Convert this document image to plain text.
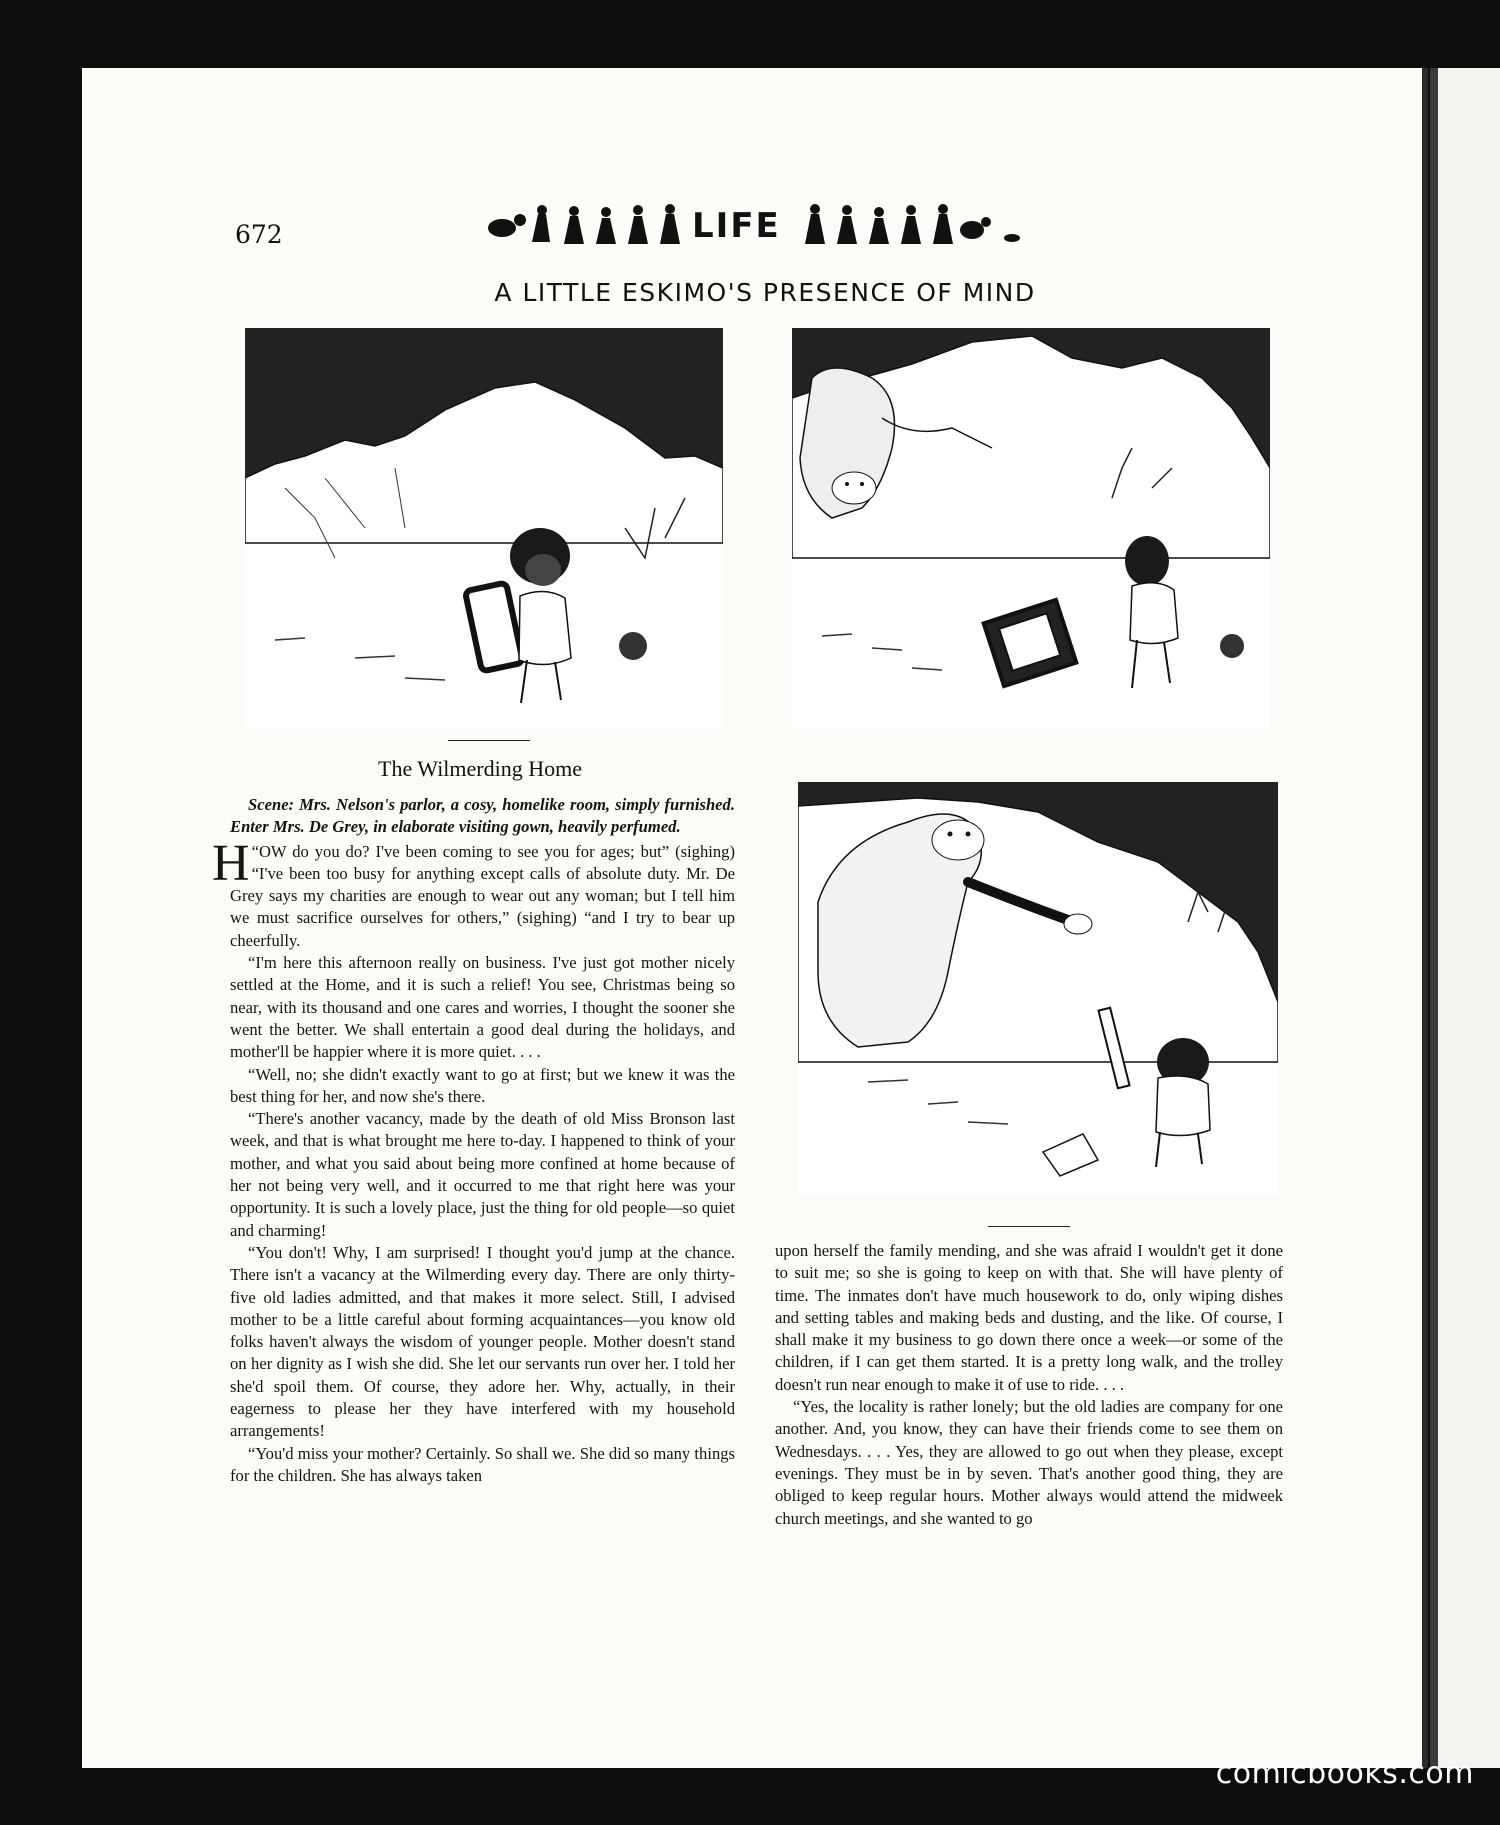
672	LIFE
A LITTLE ESKIMO'S PRESENCE OF MIND
The Wilmerding Home

Scene: Mrs. Nelson's parlor, a cosy, homelike room, simply furnished. Enter Mrs. De Grey, in elaborate visiting gown, heavily perfumed.

“
H OW do you do? I've been coming to see you for ages; but” (sighing) “I've been too busy for anything except calls of absolute duty. Mr. De Grey says my charities are enough to wear out any woman; but I tell him we must sacrifice ourselves for others,” (sighing) “and I try to bear up cheerfully.

“I'm here this afternoon really on business. I've just got mother nicely settled at the Home, and it is such a relief! You see, Christmas being so near, with its thousand and one cares and worries, I thought the sooner she went the better. We shall entertain a good deal during the holidays, and mother'll be happier where it is more quiet. . . .

“Well, no; she didn't exactly want to go at first; but we knew it was the best thing for her, and now she's there.

“There's another vacancy, made by the death of old Miss Bronson last week, and that is what brought me here to-day. I happened to think of your mother, and what you said about being more confined at home because of her not being very well, and it occurred to me that right here was your opportunity. It is such a lovely place, just the thing for old people—so quiet and charming!

“You don't! Why, I am surprised! I thought you'd jump at the chance. There isn't a vacancy at the Wilmerding every day. There are only thirty-five old ladies admitted, and that makes it more select. Still, I advised mother to be a little careful about forming acquaintances—you know old folks haven't always the wisdom of younger people. Mother doesn't stand on her dignity as I wish she did. She let our servants run over her. I told her she'd spoil them. Of course, they adore her. Why, actually, in their eagerness to please her they have interfered with my household arrangements!

“You'd miss your mother? Certainly. So shall we. She did so many things for the children. She has always taken

upon herself the family mending, and she was afraid I wouldn't get it done to suit me; so she is going to keep on with that. She will have plenty of time. The inmates don't have much housework to do, only wiping dishes and setting tables and making beds and dusting, and the like. Of course, I shall make it my business to go down there once a week—or some of the children, if I can get them started. It is a pretty long walk, and the trolley doesn't run near enough to make it of use to ride. . . .

“Yes, the locality is rather lonely; but the old ladies are company for one another. And, you know, they can have their friends come to see them on Wednesdays. . . . Yes, they are allowed to go out when they please, except evenings. They must be in by seven. That's another good thing, they are obliged to keep regular hours. Mother always would attend the midweek church meetings, and she wanted to go

comicbooks.com
